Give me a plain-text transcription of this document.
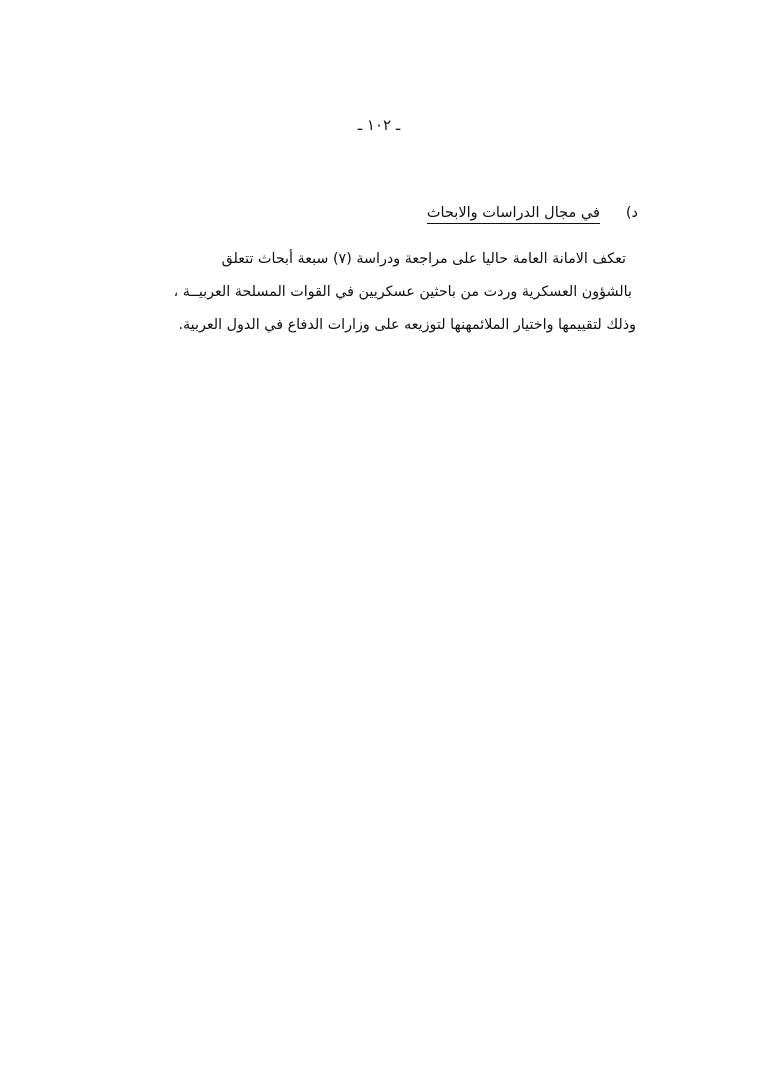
ـ ١٠٢ ـ
د)
في مجال الدراسات والابحاث
تعكف الامانة العامة حاليا على مراجعة ودراسة (٧) سبعة أبحاث تتعلق
بالشؤون العسكرية وردت من باحثين عسكريين في القوات المسلحة العربيــة ،
وذلك لتقييمها واختيار الملائمهنها لتوزيعه على وزارات الدفاع في الدول العربية.
